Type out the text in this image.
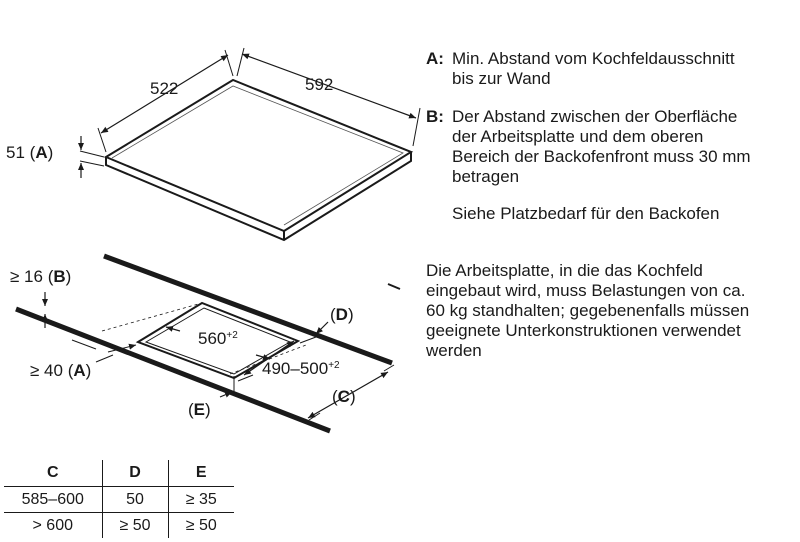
522	592
51 (A)
≥ 16 (B)
≥ 40 (A)
$560^{+2}$
$490-500^{+2}$
(D)
(C)
(E)
A: Min. Abstand vom Kochfeldausschnitt
bis zur Wand
B: Der Abstand zwischen der Oberfläche
der Arbeitsplatte und dem oberen
Bereich der Backofenfront muss 30 mm
betragen
Siehe Platzbedarf für den Backofen
Die Arbeitsplatte, in die das Kochfeld
eingebaut wird, muss Belastungen von ca.
60 kg standhalten; gegebenenfalls müssen
geeignete Unterkonstruktionen verwendet
werden
C	D	E
585–600	50	≥ 35
> 600	≥ 50	≥ 50
